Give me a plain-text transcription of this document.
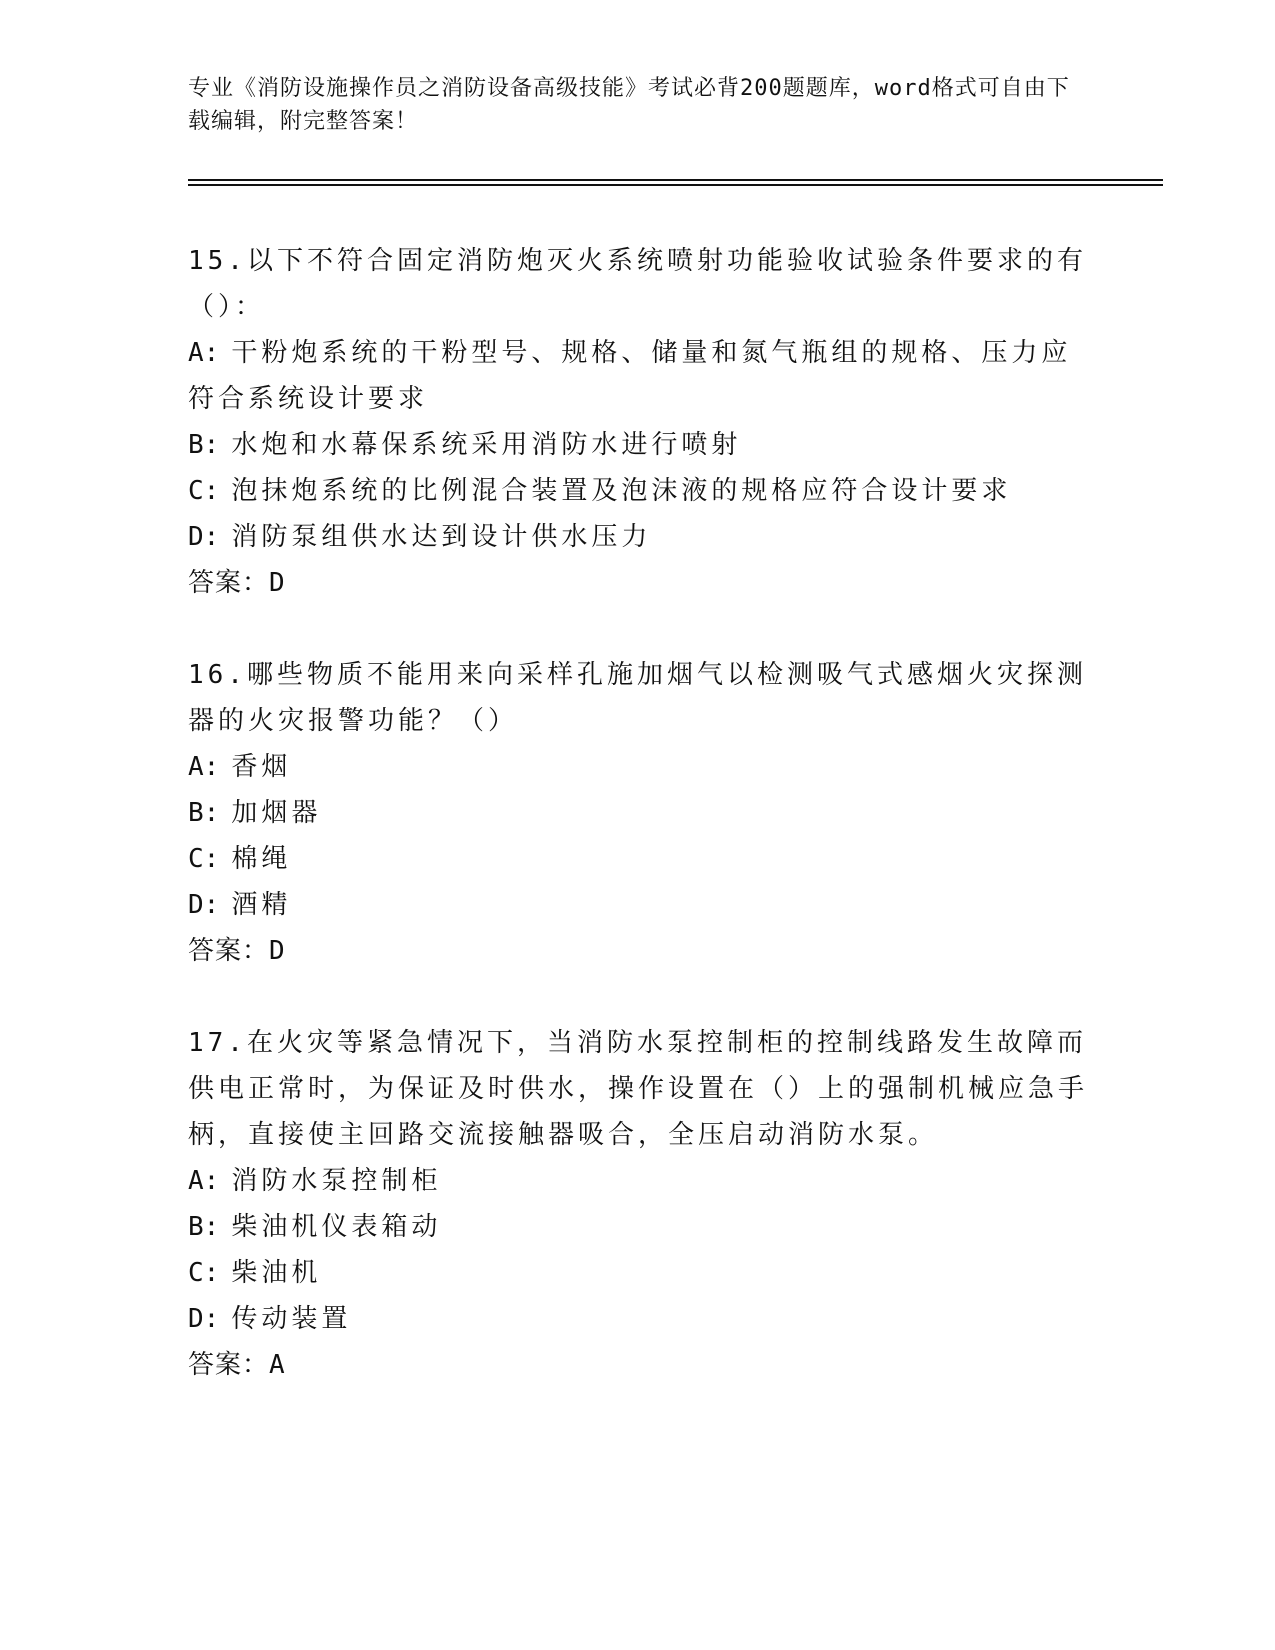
专业《消防设施操作员之消防设备高级技能》考试必背200题题库，word格式可自由下载编辑，附完整答案！

15.以下不符合固定消防炮灭火系统喷射功能验收试验条件要求的有（）：

A: 干粉炮系统的干粉型号、规格、储量和氮气瓶组的规格、压力应符合系统设计要求
B: 水炮和水幕保系统采用消防水进行喷射
C: 泡抹炮系统的比例混合装置及泡沫液的规格应符合设计要求
D: 消防泵组供水达到设计供水压力
答案：D

16.哪些物质不能用来向采样孔施加烟气以检测吸气式感烟火灾探测器的火灾报警功能？（）

A: 香烟
B: 加烟器
C: 棉绳
D: 酒精
答案：D

17.在火灾等紧急情况下，当消防水泵控制柜的控制线路发生故障而供电正常时，为保证及时供水，操作设置在（）上的强制机械应急手柄，直接使主回路交流接触器吸合，全压启动消防水泵。

A: 消防水泵控制柜
B: 柴油机仪表箱动
C: 柴油机
D: 传动装置
答案：A
